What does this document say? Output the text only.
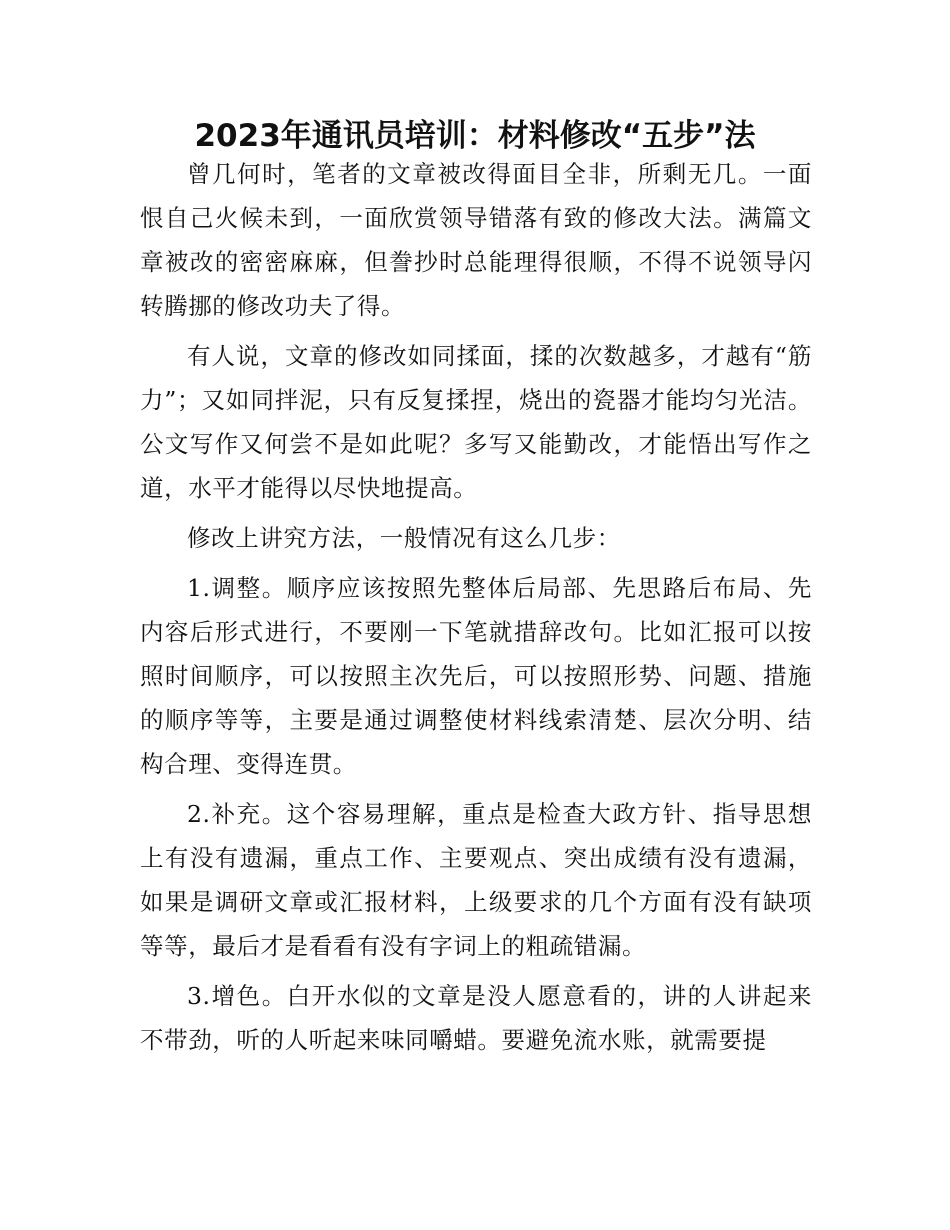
2023年通讯员培训：材料修改“五步”法

曾几何时，笔者的文章被改得面目全非，所剩无几。一面恨自己火候未到，一面欣赏领导错落有致的修改大法。满篇文章被改的密密麻麻，但誊抄时总能理得很顺，不得不说领导闪转腾挪的修改功夫了得。

有人说，文章的修改如同揉面，揉的次数越多，才越有“筋力”；又如同拌泥，只有反复揉捏，烧出的瓷器才能均匀光洁。公文写作又何尝不是如此呢？多写又能勤改，才能悟出写作之道，水平才能得以尽快地提高。

修改上讲究方法，一般情况有这么几步：

1.调整。顺序应该按照先整体后局部、先思路后布局、先内容后形式进行，不要刚一下笔就措辞改句。比如汇报可以按照时间顺序，可以按照主次先后，可以按照形势、问题、措施的顺序等等，主要是通过调整使材料线索清楚、层次分明、结构合理、变得连贯。

2.补充。这个容易理解，重点是检查大政方针、指导思想上有没有遗漏，重点工作、主要观点、突出成绩有没有遗漏，如果是调研文章或汇报材料，上级要求的几个方面有没有缺项等等，最后才是看看有没有字词上的粗疏错漏。

3.增色。白开水似的文章是没人愿意看的，讲的人讲起来不带劲，听的人听起来味同嚼蜡。要避免流水账，就需要提
